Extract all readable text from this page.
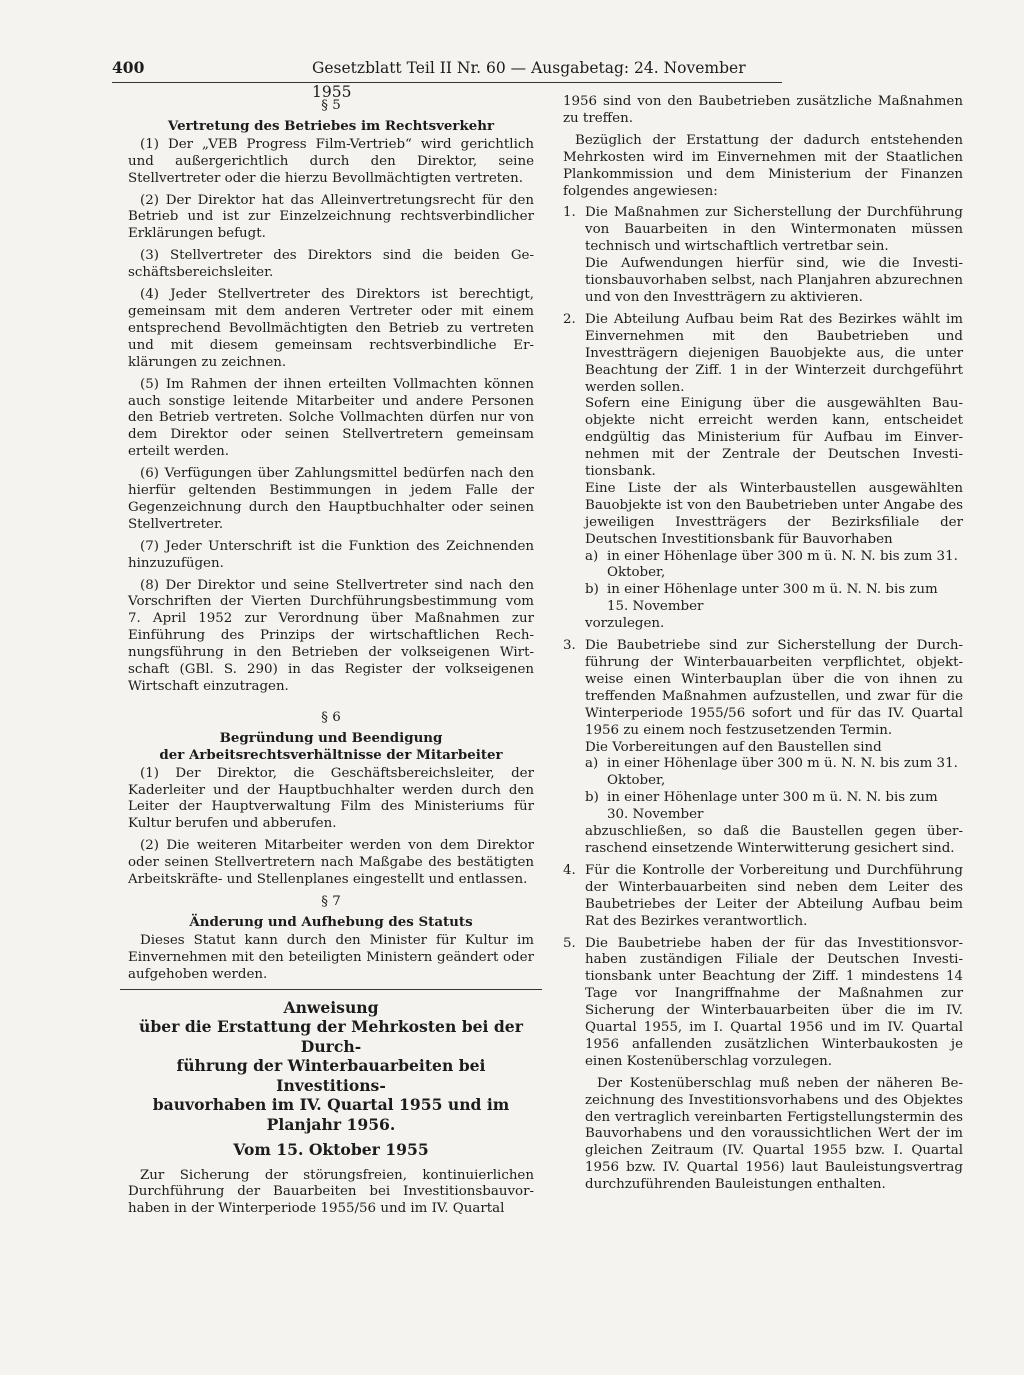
400	Gesetzblatt Teil II Nr. 60 — Ausgabetag: 24. November 1955

§ 5

Vertretung des Betriebes im Rechtsverkehr

(1) Der „VEB Progress Film-Vertrieb“ wird gerichtlich und außergerichtlich durch den Direktor, seine Stellvertreter oder die hierzu Bevollmächtigten vertreten.

(2) Der Direktor hat das Alleinvertretungsrecht für den Betrieb und ist zur Einzelzeichnung rechtsverbindlicher Erklärungen befugt.

(3) Stellvertreter des Direktors sind die beiden Geschäftsbereichsleiter.

(4) Jeder Stellvertreter des Direktors ist berechtigt, gemeinsam mit dem anderen Vertreter oder mit einem entsprechend Bevollmächtigten den Betrieb zu vertreten und mit diesem gemeinsam rechtsverbindliche Erklärungen zu zeichnen.

(5) Im Rahmen der ihnen erteilten Vollmachten können auch sonstige leitende Mitarbeiter und andere Personen den Betrieb vertreten. Solche Vollmachten dürfen nur von dem Direktor oder seinen Stellvertretern gemeinsam erteilt werden.

(6) Verfügungen über Zahlungsmittel bedürfen nach den hierfür geltenden Bestimmungen in jedem Falle der Gegenzeichnung durch den Hauptbuchhalter oder seinen Stellvertreter.

(7) Jeder Unterschrift ist die Funktion des Zeichnenden hinzuzufügen.

(8) Der Direktor und seine Stellvertreter sind nach den Vorschriften der Vierten Durchführungsbestimmung vom 7. April 1952 zur Verordnung über Maßnahmen zur Einführung des Prinzips der wirtschaftlichen Rechnungsführung in den Betrieben der volkseigenen Wirtschaft (GBl. S. 290) in das Register der volkseigenen Wirtschaft einzutragen.

§ 6

Begründung und Beendigung

der Arbeitsrechtsverhältnisse der Mitarbeiter

(1) Der Direktor, die Geschäftsbereichsleiter, der Kaderleiter und der Hauptbuchhalter werden durch den Leiter der Hauptverwaltung Film des Ministeriums für Kultur berufen und abberufen.

(2) Die weiteren Mitarbeiter werden von dem Direktor oder seinen Stellvertretern nach Maßgabe des bestätigten Arbeitskräfte- und Stellenplanes eingestellt und entlassen.

§ 7

Änderung und Aufhebung des Statuts

Dieses Statut kann durch den Minister für Kultur im Einvernehmen mit den beteiligten Ministern geändert oder aufgehoben werden.

Anweisung
über die Erstattung der Mehrkosten bei der Durch-
führung der Winterbauarbeiten bei Investitions-
bauvorhaben im IV. Quartal 1955 und im
Planjahr 1956.

Vom 15. Oktober 1955

Zur Sicherung der störungsfreien, kontinuierlichen Durchführung der Bauarbeiten bei Investitionsbauvorhaben in der Winterperiode 1955/56 und im IV. Quartal

1956 sind von den Baubetrieben zusätzliche Maßnahmen zu treffen.

Bezüglich der Erstattung der dadurch entstehenden Mehrkosten wird im Einvernehmen mit der Staatlichen Plankommission und dem Ministerium der Finanzen folgendes angewiesen:

1. Die Maßnahmen zur Sicherstellung der Durchführung von Bauarbeiten in den Wintermonaten müssen technisch und wirtschaftlich vertretbar sein.

Die Aufwendungen hierfür sind, wie die Investitionsbauvorhaben selbst, nach Planjahren abzurechnen und von den Investträgern zu aktivieren.

2. Die Abteilung Aufbau beim Rat des Bezirkes wählt im Einvernehmen mit den Baubetrieben und Investträgern diejenigen Bauobjekte aus, die unter Beachtung der Ziff. 1 in der Winterzeit durchgeführt werden sollen.

Sofern eine Einigung über die ausgewählten Bauobjekte nicht erreicht werden kann, entscheidet endgültig das Ministerium für Aufbau im Einvernehmen mit der Zentrale der Deutschen Investitionsbank.

Eine Liste der als Winterbaustellen ausgewählten Bauobjekte ist von den Baubetrieben unter Angabe des jeweiligen Investträgers der Bezirksfiliale der Deutschen Investitionsbank für Bauvorhaben

a) in einer Höhenlage über 300 m ü. N. N. bis zum 31. Oktober,
b) in einer Höhenlage unter 300 m ü. N. N. bis zum 15. November

vorzulegen.

3. Die Baubetriebe sind zur Sicherstellung der Durchführung der Winterbauarbeiten verpflichtet, objektweise einen Winterbauplan über die von ihnen zu treffenden Maßnahmen aufzustellen, und zwar für die Winterperiode 1955/56 sofort und für das IV. Quartal 1956 zu einem noch festzusetzenden Termin.

Die Vorbereitungen auf den Baustellen sind

a) in einer Höhenlage über 300 m ü. N. N. bis zum 31. Oktober,
b) in einer Höhenlage unter 300 m ü. N. N. bis zum 30. November

abzuschließen, so daß die Baustellen gegen überraschend einsetzende Winterwitterung gesichert sind.

4. Für die Kontrolle der Vorbereitung und Durchführung der Winterbauarbeiten sind neben dem Leiter des Baubetriebes der Leiter der Abteilung Aufbau beim Rat des Bezirkes verantwortlich.

5. Die Baubetriebe haben der für das Investitionsvorhaben zuständigen Filiale der Deutschen Investitionsbank unter Beachtung der Ziff. 1 mindestens 14 Tage vor Inangriffnahme der Maßnahmen zur Sicherung der Winterbauarbeiten über die im IV. Quartal 1955, im I. Quartal 1956 und im IV. Quartal 1956 anfallenden zusätzlichen Winterbaukosten je einen Kostenüberschlag vorzulegen.

Der Kostenüberschlag muß neben der näheren Bezeichnung des Investitionsvorhabens und des Objektes den vertraglich vereinbarten Fertigstellungstermin des Bauvorhabens und den voraussichtlichen Wert der im gleichen Zeitraum (IV. Quartal 1955 bzw. I. Quartal 1956 bzw. IV. Quartal 1956) laut Bauleistungsvertrag durchzuführenden Bauleistungen enthalten.
